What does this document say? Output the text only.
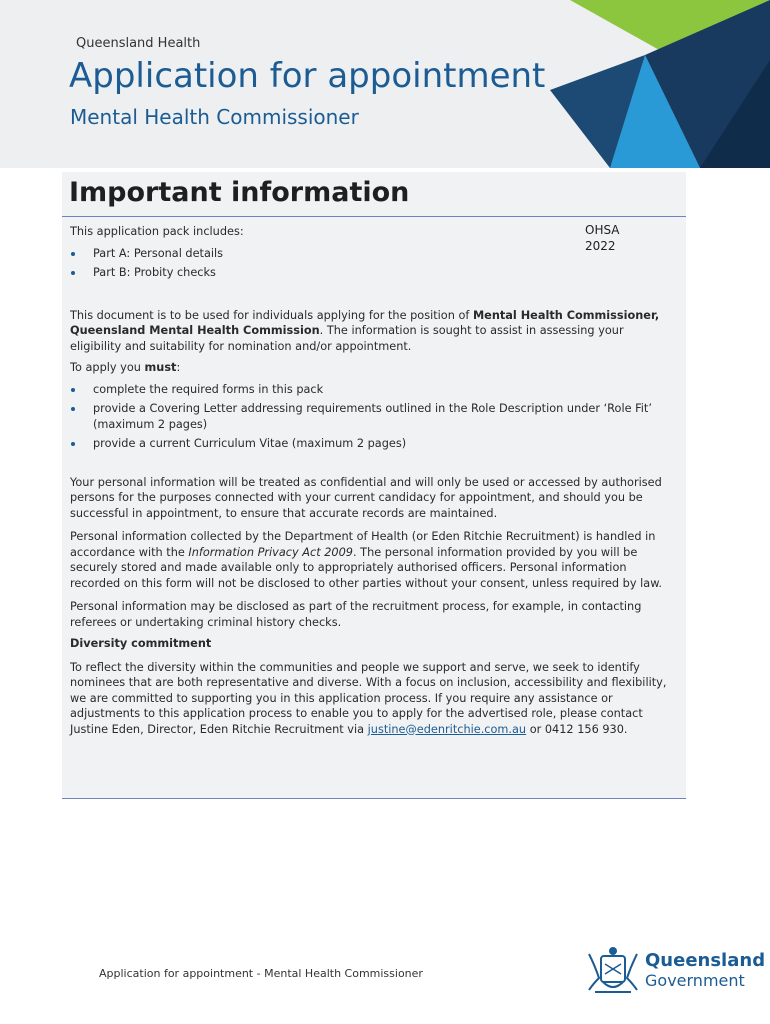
Queensland Health
Application for appointment
Mental Health Commissioner
Important information
OHSA
2022

This application pack includes:

Part A: Personal details
Part B: Probity checks

This document is to be used for individuals applying for the position of Mental Health Commissioner, Queensland Mental Health Commission. The information is sought to assist in assessing your eligibility and suitability for nomination and/or appointment.

To apply you must:

complete the required forms in this pack
provide a Covering Letter addressing requirements outlined in the Role Description under ‘Role Fit’ (maximum 2 pages)
provide a current Curriculum Vitae (maximum 2 pages)

Your personal information will be treated as confidential and will only be used or accessed by authorised persons for the purposes connected with your current candidacy for appointment, and should you be successful in appointment, to ensure that accurate records are maintained.

Personal information collected by the Department of Health (or Eden Ritchie Recruitment) is handled in accordance with the Information Privacy Act 2009. The personal information provided by you will be securely stored and made available only to appropriately authorised officers. Personal information recorded on this form will not be disclosed to other parties without your consent, unless required by law.

Personal information may be disclosed as part of the recruitment process, for example, in contacting referees or undertaking criminal history checks.

Diversity commitment

To reflect the diversity within the communities and people we support and serve, we seek to identify nominees that are both representative and diverse. With a focus on inclusion, accessibility and flexibility, we are committed to supporting you in this application process. If you require any assistance or adjustments to this application process to enable you to apply for the advertised role, please contact Justine Eden, Director, Eden Ritchie Recruitment via justine@edenritchie.com.au or 0412 156 930.

Application for appointment - Mental Health Commissioner
Queensland
Government
